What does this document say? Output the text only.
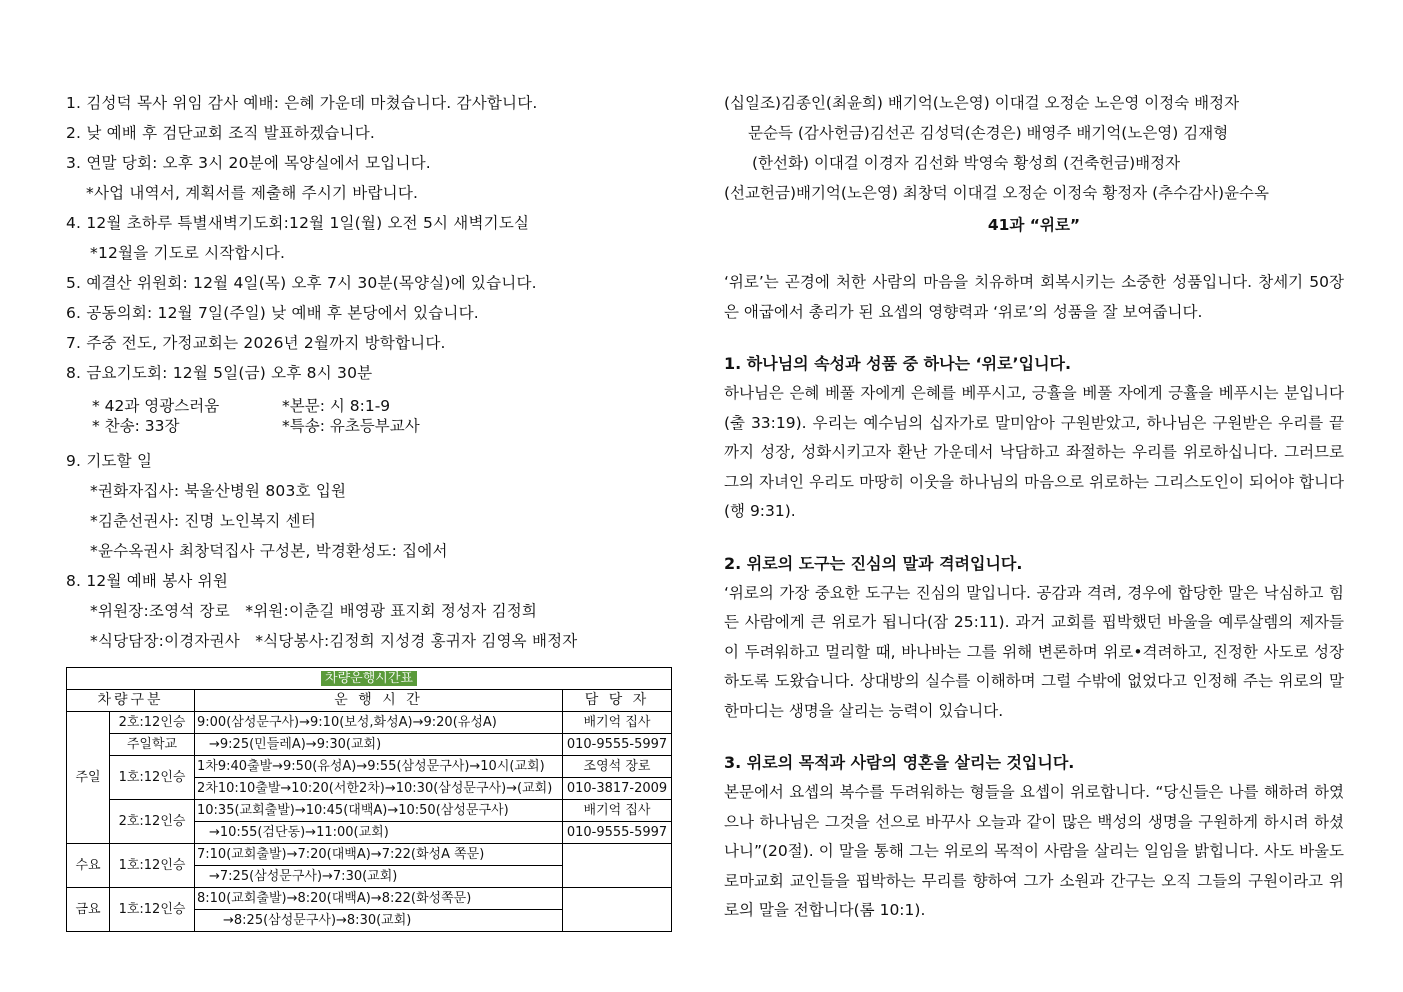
1. 김성덕 목사 위임 감사 예배: 은혜 가운데 마쳤습니다. 감사합니다.
2. 낮 예배 후 검단교회 조직 발표하겠습니다.
3. 연말 당회: 오후 3시 20분에 목양실에서 모입니다.
*사업 내역서, 계획서를 제출해 주시기 바랍니다.
4. 12월 초하루 특별새벽기도회:12월 1일(월) 오전 5시 새벽기도실
*12월을 기도로 시작합시다.
5. 예결산 위원회: 12월 4일(목) 오후 7시 30분(목양실)에 있습니다.
6. 공동의회: 12월 7일(주일) 낮 예배 후 본당에서 있습니다.
7. 주중 전도, 가정교회는 2026년 2월까지 방학합니다.
8. 금요기도회: 12월 5일(금) 오후 8시 30분
* 42과 영광스러움	*본문: 시 8:1-9
* 찬송: 33장	*특송: 유초등부교사
9. 기도할 일
*권화자집사: 북울산병원 803호 입원
*김춘선권사: 진명 노인복지 센터
*윤수옥권사 최창덕집사 구성본, 박경환성도: 집에서
8. 12월 예배 봉사 위원
*위원장:조영석 장로   *위원:이춘길 배영광 표지회 정성자 김정희
*식당담장:이경자권사   *식당봉사:김정희 지성경 홍귀자 김영옥 배정자
차량운행시간표			
차량구분		운 행 시 간	담 당 자
주일	2호:12인승	9:00(삼성문구사)→9:10(보성,화성A)→9:20(유성A)	배기억 집사
	주일학교	→9:25(민들레A)→9:30(교회)	010-9555-5997
	1호:12인승	1차9:40출발→9:50(유성A)→9:55(삼성문구사)→10시(교회)	조영석 장로
		2차10:10출발→10:20(서한2차)→10:30(삼성문구사)→(교회)	010-3817-2009
	2호:12인승	10:35(교회출발)→10:45(대백A)→10:50(삼성문구사)	배기억 집사
		→10:55(검단동)→11:00(교회)	010-9555-5997
수요	1호:12인승	7:10(교회출발)→7:20(대백A)→7:22(화성A 쪽문)	
		→7:25(삼성문구사)→7:30(교회)	
금요	1호:12인승	8:10(교회출발)→8:20(대백A)→8:22(화성쪽문)	
		→8:25(삼성문구사)→8:30(교회)	
(십일조)김종인(최윤희) 배기억(노은영) 이대걸 오정순 노은영 이정숙 배정자
문순득 (감사헌금)김선곤 김성덕(손경은) 배영주 배기억(노은영) 김재형
(한선화) 이대걸 이경자 김선화 박영숙 황성희 (건축헌금)배정자
(선교헌금)배기억(노은영) 최창덕 이대걸 오정순 이정숙 황정자 (추수감사)윤수옥
41과 “위로”

‘위로’는 곤경에 처한 사람의 마음을 치유하며 회복시키는 소중한 성품입니다. 창세기 50장은 애굽에서 총리가 된 요셉의 영향력과 ‘위로’의 성품을 잘 보여줍니다.

1. 하나님의 속성과 성품 중 하나는 ‘위로’입니다.

하나님은 은혜 베풀 자에게 은혜를 베푸시고, 긍휼을 베풀 자에게 긍휼을 베푸시는 분입니다(출 33:19). 우리는 예수님의 십자가로 말미암아 구원받았고, 하나님은 구원받은 우리를 끝까지 성장, 성화시키고자 환난 가운데서 낙담하고 좌절하는 우리를 위로하십니다. 그러므로 그의 자녀인 우리도 마땅히 이웃을 하나님의 마음으로 위로하는 그리스도인이 되어야 합니다(행 9:31).

2. 위로의 도구는 진심의 말과 격려입니다.

‘위로의 가장 중요한 도구는 진심의 말입니다. 공감과 격려, 경우에 합당한 말은 낙심하고 힘든 사람에게 큰 위로가 됩니다(잠 25:11). 과거 교회를 핍박했던 바울을 예루살렘의 제자들이 두려워하고 멀리할 때, 바나바는 그를 위해 변론하며 위로•격려하고, 진정한 사도로 성장하도록 도왔습니다. 상대방의 실수를 이해하며 그럴 수밖에 없었다고 인정해 주는 위로의 말 한마디는 생명을 살리는 능력이 있습니다.

3. 위로의 목적과 사람의 영혼을 살리는 것입니다.

본문에서 요셉의 복수를 두려워하는 형들을 요셉이 위로합니다. “당신들은 나를 해하려 하였으나 하나님은 그것을 선으로 바꾸사 오늘과 같이 많은 백성의 생명을 구원하게 하시려 하셨나니”(20절). 이 말을 통해 그는 위로의 목적이 사람을 살리는 일임을 밝힙니다. 사도 바울도 로마교회 교인들을 핍박하는 무리를 향하여 그가 소원과 간구는 오직 그들의 구원이라고 위로의 말을 전합니다(롬 10:1).
